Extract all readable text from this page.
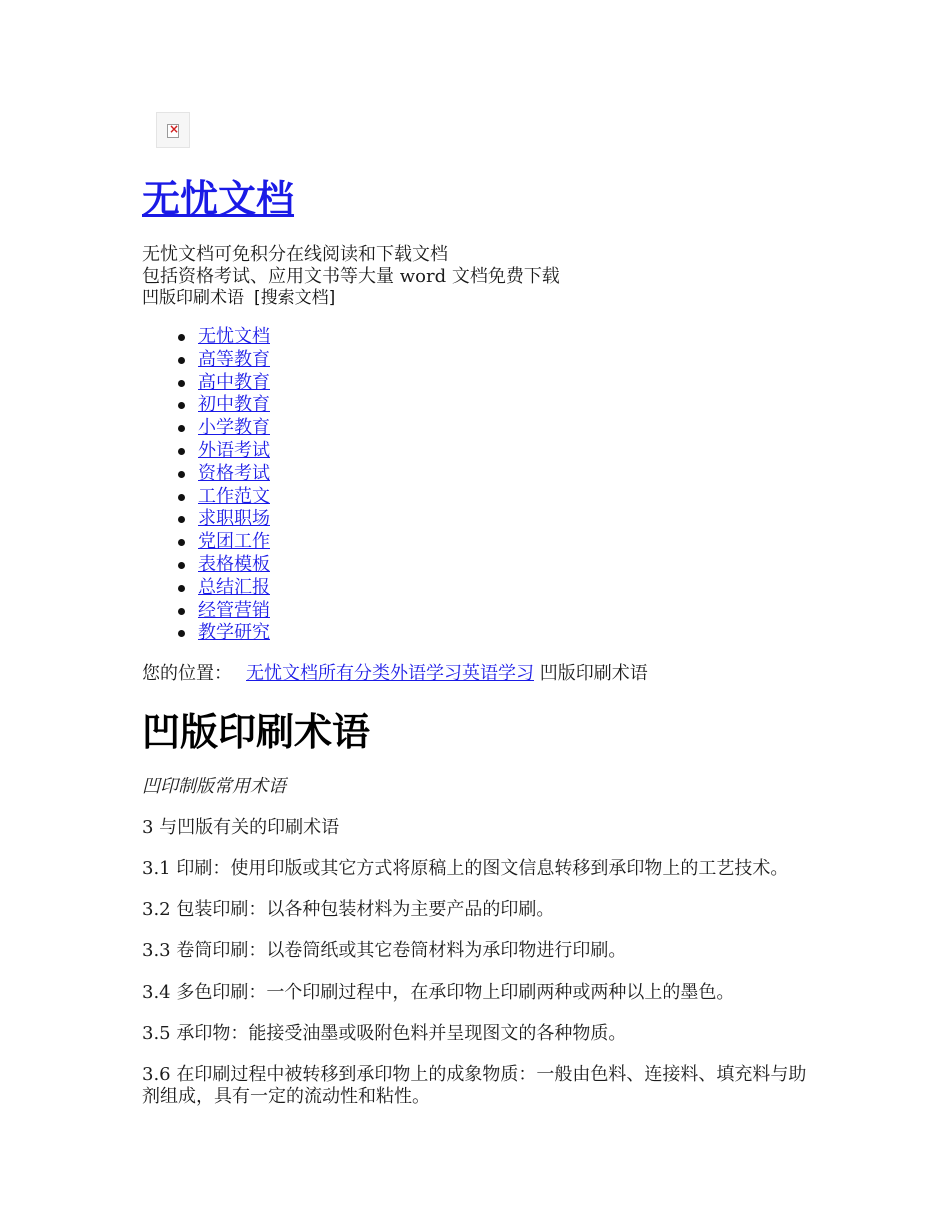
×
无忧文档
无忧文档可免积分在线阅读和下载文档
包括资格考试、应用文书等大量 word 文档免费下载
凹版印刷术语 [搜索文档]
无忧文档
高等教育
高中教育
初中教育
小学教育
外语考试
资格考试
工作范文
求职职场
党团工作
表格模板
总结汇报
经管营销
教学研究
您的位置： 无忧文档所有分类外语学习英语学习 凹版印刷术语
凹版印刷术语
凹印制版常用术语

3 与凹版有关的印刷术语

3.1 印刷：使用印版或其它方式将原稿上的图文信息转移到承印物上的工艺技术。

3.2 包装印刷：以各种包装材料为主要产品的印刷。

3.3 卷筒印刷：以卷筒纸或其它卷筒材料为承印物进行印刷。

3.4 多色印刷：一个印刷过程中，在承印物上印刷两种或两种以上的墨色。

3.5 承印物：能接受油墨或吸附色料并呈现图文的各种物质。

3.6 在印刷过程中被转移到承印物上的成象物质：一般由色料、连接料、填充料与助剂组成，具有一定的流动性和粘性。
